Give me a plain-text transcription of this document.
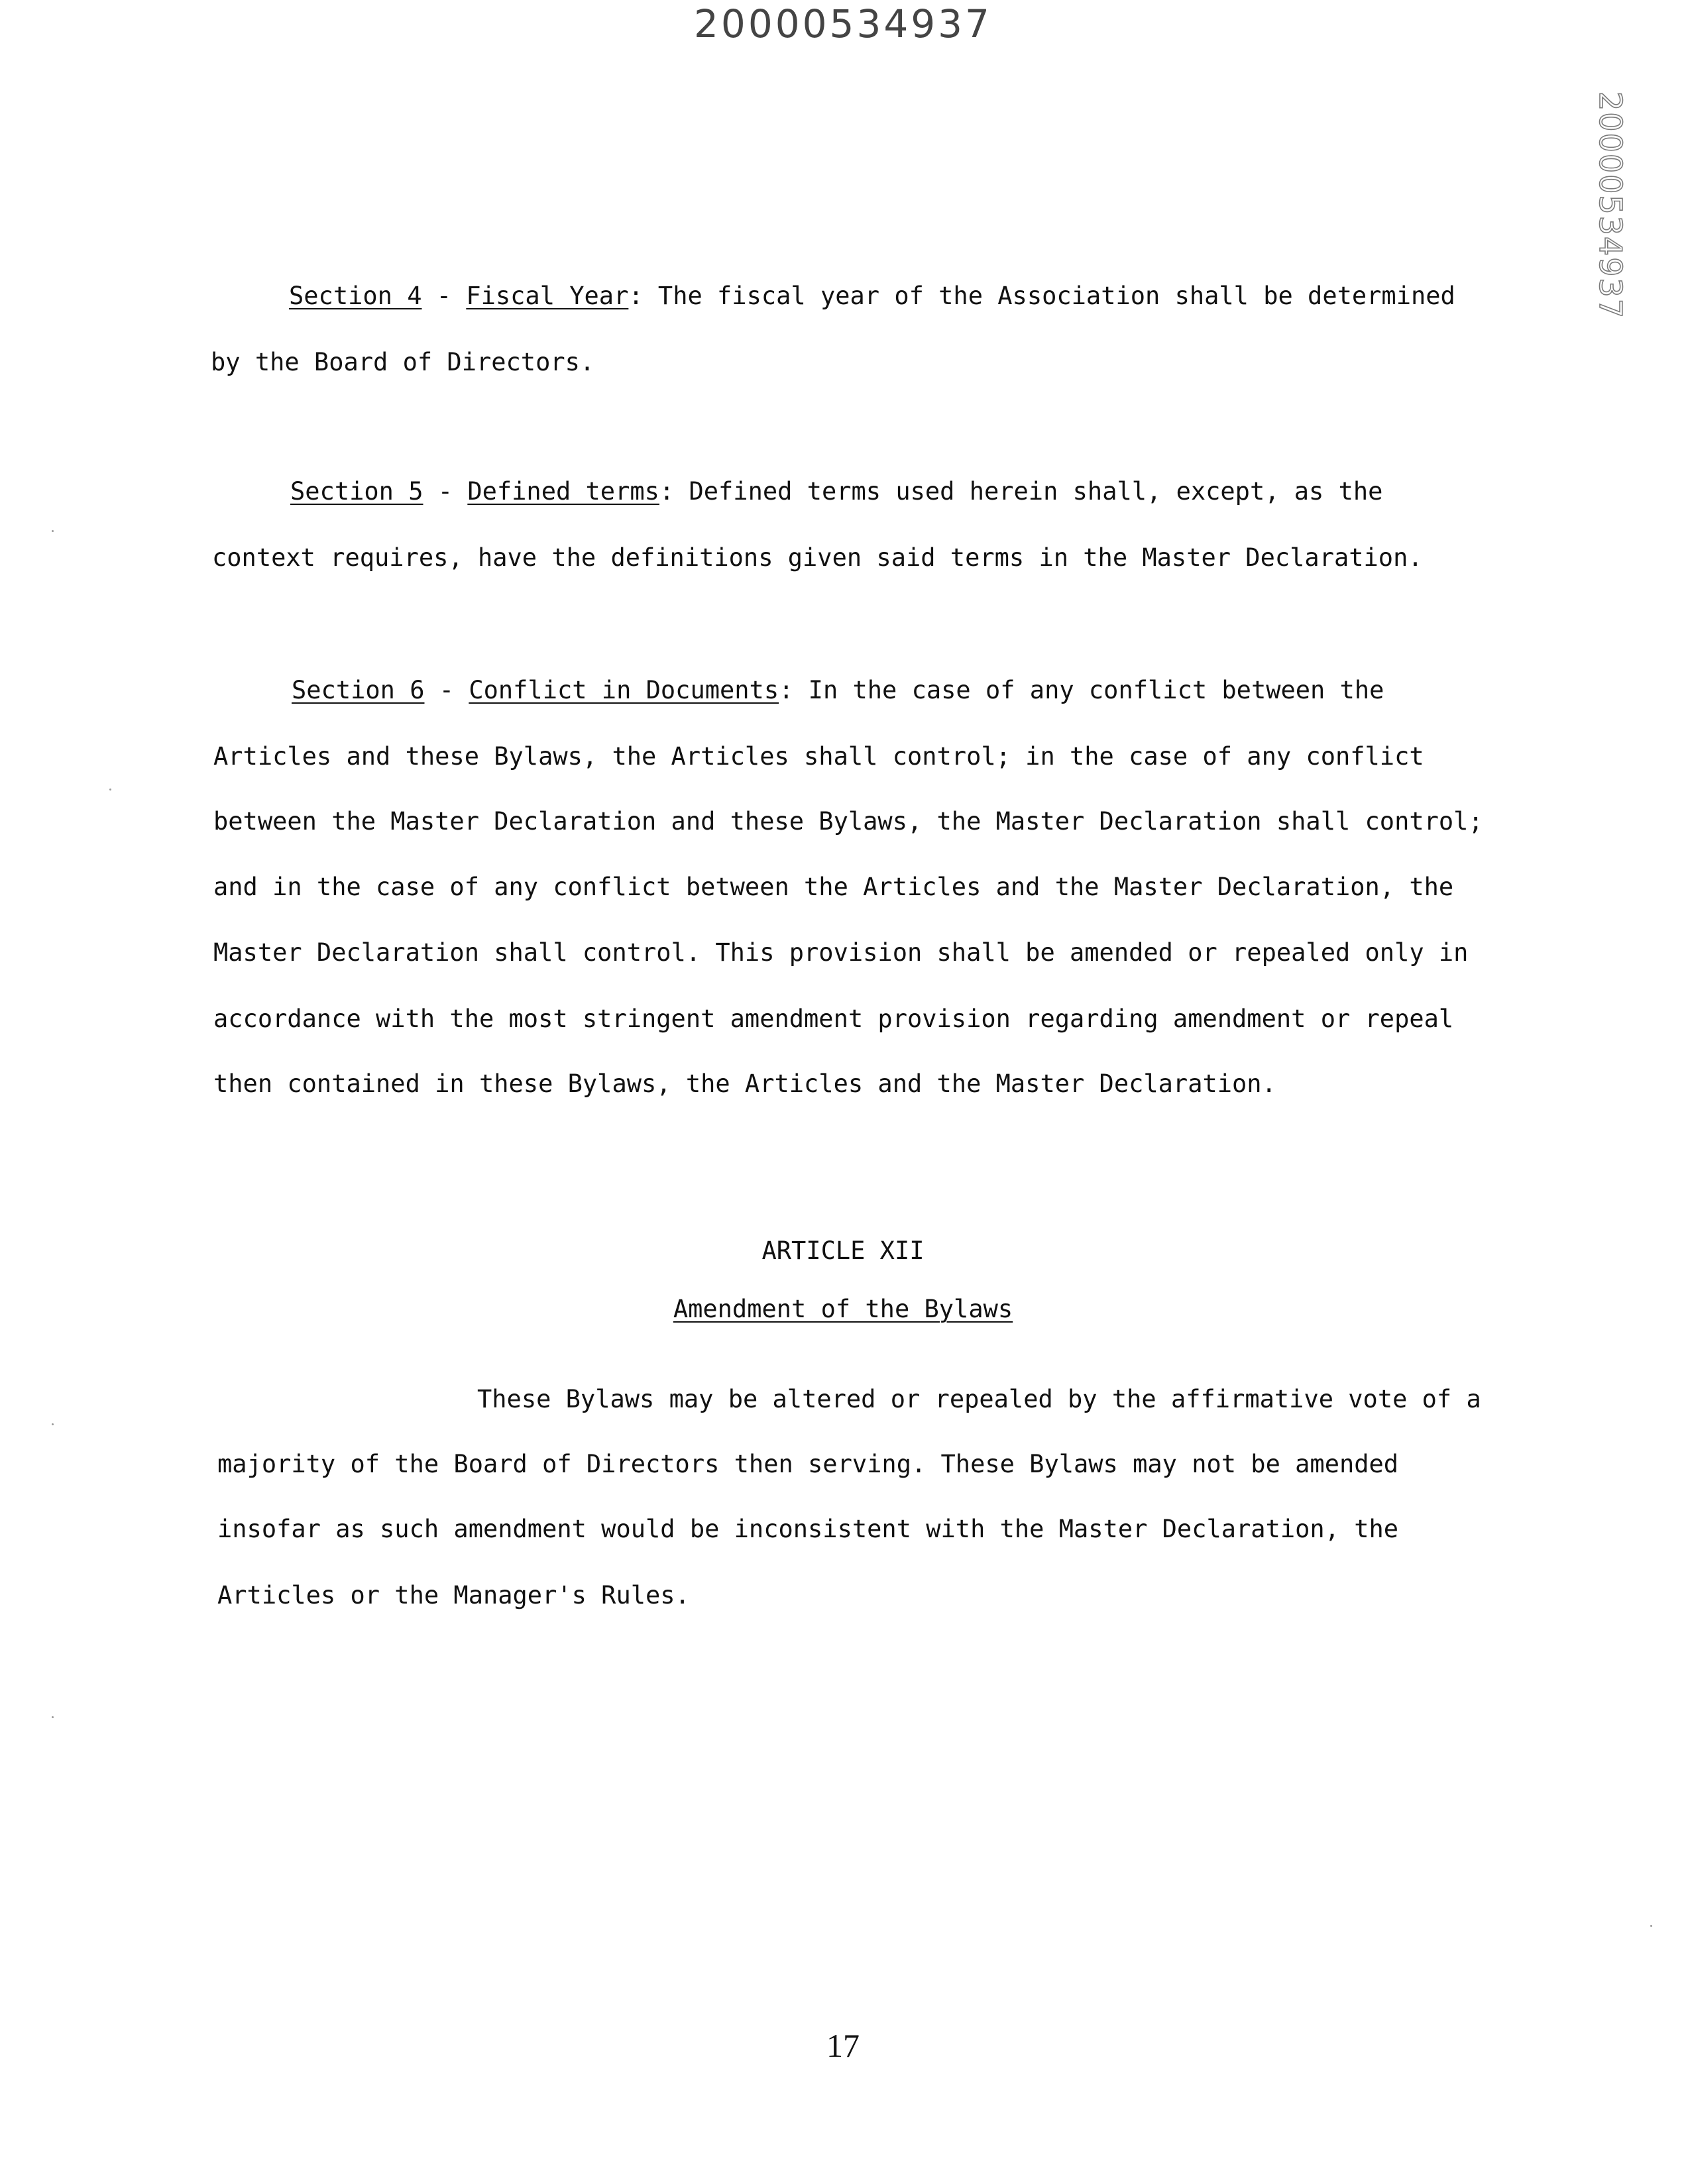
20000534937
20000534937
Section 4 - Fiscal Year: The fiscal year of the Association shall be determined
by the Board of Directors.
Section 5 - Defined terms: Defined terms used herein shall, except, as the
context requires, have the definitions given said terms in the Master Declaration.
Section 6 - Conflict in Documents: In the case of any conflict between the
Articles and these Bylaws, the Articles shall control; in the case of any conflict
between the Master Declaration and these Bylaws, the Master Declaration shall control;
and in the case of any conflict between the Articles and the Master Declaration, the
Master Declaration shall control. This provision shall be amended or repealed only in
accordance with the most stringent amendment provision regarding amendment or repeal
then contained in these Bylaws, the Articles and the Master Declaration.
ARTICLE XII
Amendment of the Bylaws
These Bylaws may be altered or repealed by the affirmative vote of a
majority of the Board of Directors then serving. These Bylaws may not be amended
insofar as such amendment would be inconsistent with the Master Declaration, the
Articles or the Manager's Rules.
17
